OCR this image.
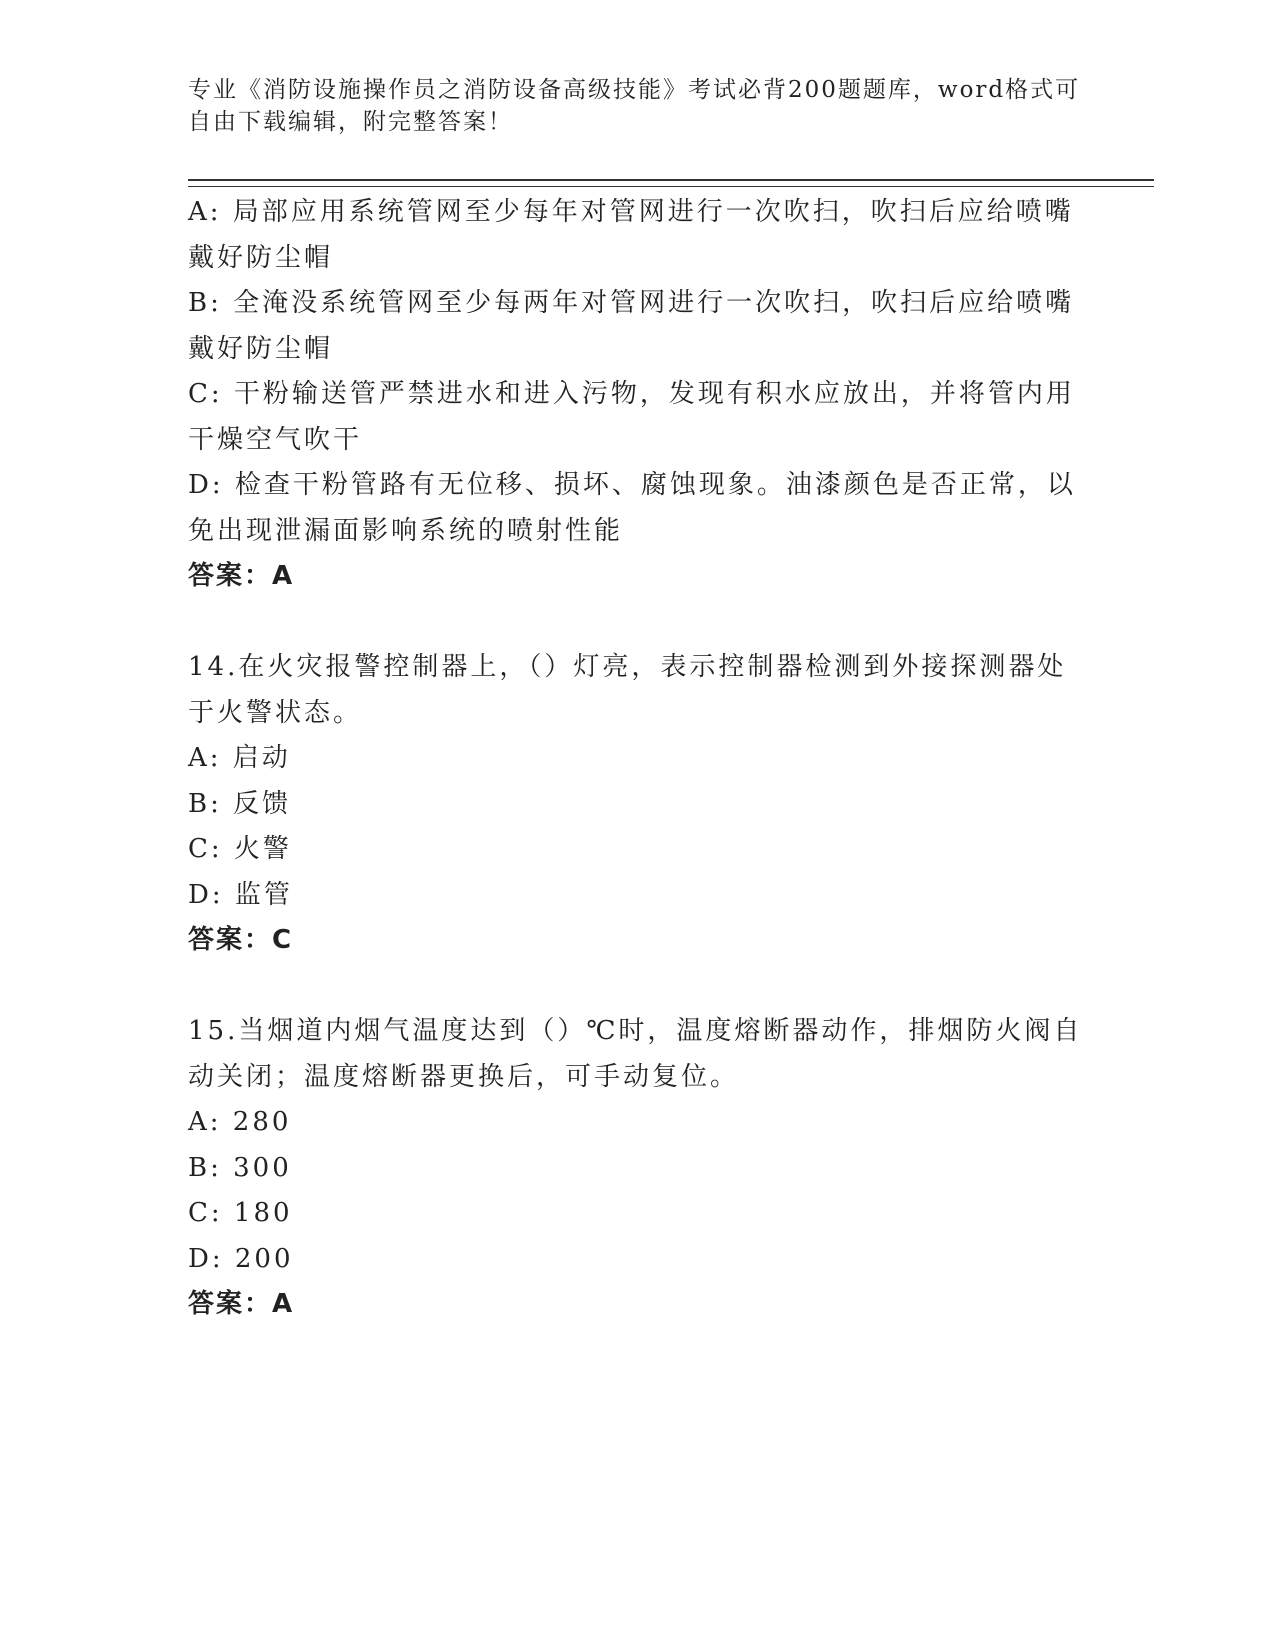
专业《消防设施操作员之消防设备高级技能》考试必背200题题库，word格式可
自由下载编辑，附完整答案！
A: 局部应用系统管网至少每年对管网进行一次吹扫，吹扫后应给喷嘴
戴好防尘帽
B: 全淹没系统管网至少每两年对管网进行一次吹扫，吹扫后应给喷嘴
戴好防尘帽
C: 干粉输送管严禁进水和进入污物，发现有积水应放出，并将管内用
干燥空气吹干
D: 检查干粉管路有无位移、损坏、腐蚀现象。油漆颜色是否正常，以
免出现泄漏面影响系统的喷射性能
答案：A
14.在火灾报警控制器上，（）灯亮，表示控制器检测到外接探测器处
于火警状态。
A: 启动
B: 反馈
C: 火警
D: 监管
答案：C
15.当烟道内烟气温度达到（）℃时，温度熔断器动作，排烟防火阀自
动关闭；温度熔断器更换后，可手动复位。
A: 280
B: 300
C: 180
D: 200
答案：A
